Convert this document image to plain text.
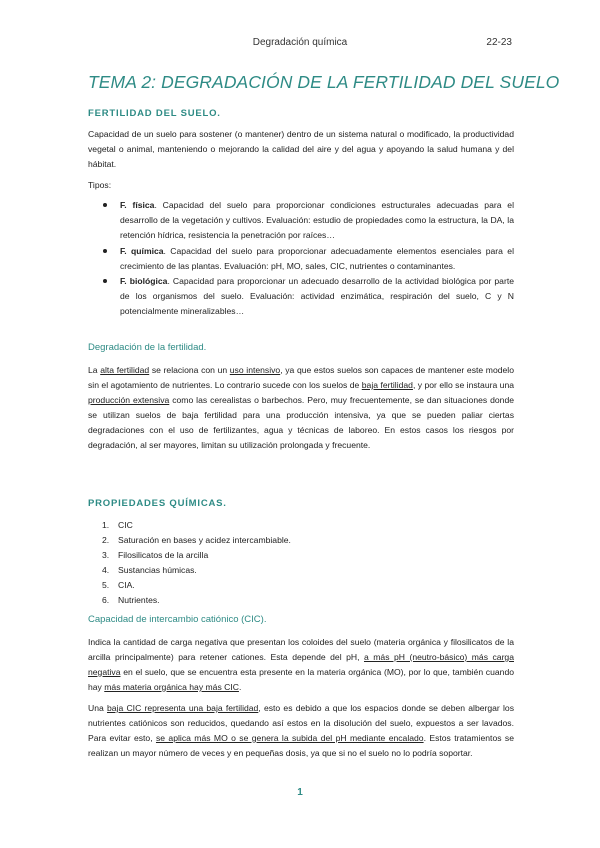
Degradación química	22-23
TEMA 2: DEGRADACIÓN DE LA FERTILIDAD DEL SUELO
FERTILIDAD DEL SUELO.
Capacidad de un suelo para sostener (o mantener) dentro de un sistema natural o modificado, la productividad vegetal o animal, manteniendo o mejorando la calidad del aire y del agua y apoyando la salud humana y del hábitat.
Tipos:
F. física. Capacidad del suelo para proporcionar condiciones estructurales adecuadas para el desarrollo de la vegetación y cultivos. Evaluación: estudio de propiedades como la estructura, la DA, la retención hídrica, resistencia la penetración por raíces…
F. química. Capacidad del suelo para proporcionar adecuadamente elementos esenciales para el crecimiento de las plantas. Evaluación: pH, MO, sales, CIC, nutrientes o contaminantes.
F. biológica. Capacidad para proporcionar un adecuado desarrollo de la actividad biológica por parte de los organismos del suelo. Evaluación: actividad enzimática, respiración del suelo, C y N potencialmente mineralizables…
Degradación de la fertilidad.
La alta fertilidad se relaciona con un uso intensivo, ya que estos suelos son capaces de mantener este modelo sin el agotamiento de nutrientes. Lo contrario sucede con los suelos de baja fertilidad, y por ello se instaura una producción extensiva como las cerealistas o barbechos. Pero, muy frecuentemente, se dan situaciones donde se utilizan suelos de baja fertilidad para una producción intensiva, ya que se pueden paliar ciertas degradaciones con el uso de fertilizantes, agua y técnicas de laboreo. En estos casos los riesgos por degradación, al ser mayores, limitan su utilización prolongada y frecuente.
PROPIEDADES QUÍMICAS.
1. CIC
2. Saturación en bases y acidez intercambiable.
3. Filosilicatos de la arcilla
4. Sustancias húmicas.
5. CIA.
6. Nutrientes.
Capacidad de intercambio catiónico (CIC).
Indica la cantidad de carga negativa que presentan los coloides del suelo (materia orgánica y filosilicatos de la arcilla principalmente) para retener cationes. Esta depende del pH, a más pH (neutro-básico) más carga negativa en el suelo, que se encuentra esta presente en la materia orgánica (MO), por lo que, también cuando hay más materia orgánica hay más CIC.
Una baja CIC representa una baja fertilidad, esto es debido a que los espacios donde se deben albergar los nutrientes catiónicos son reducidos, quedando así estos en la disolución del suelo, expuestos a ser lavados. Para evitar esto, se aplica más MO o se genera la subida del pH mediante encalado. Estos tratamientos se realizan un mayor número de veces y en pequeñas dosis, ya que si no el suelo no lo podría soportar.
1
